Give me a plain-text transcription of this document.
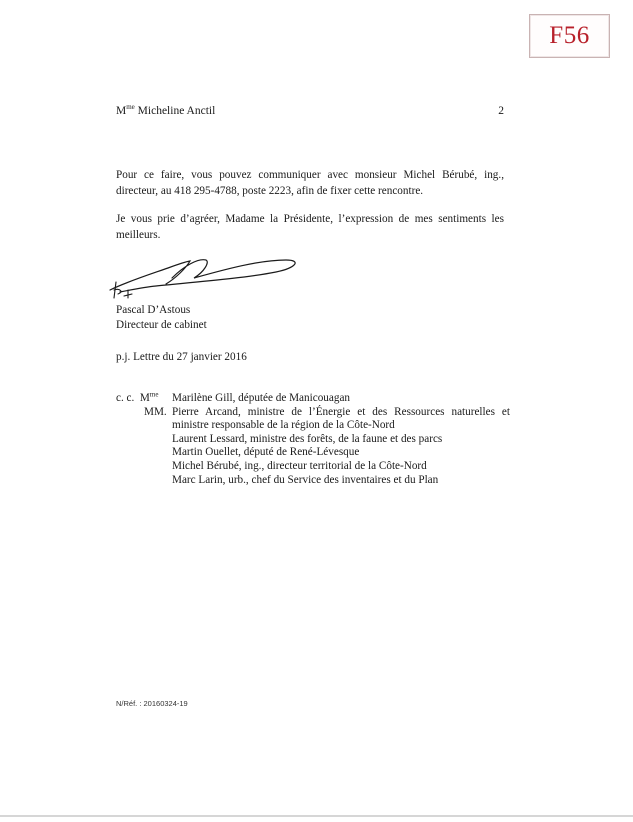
F56
$M^{me}$ Micheline Anctil	2
Pour ce faire, vous pouvez communiquer avec monsieur Michel Bérubé, ing., directeur, au 418 295-4788, poste 2223, afin de fixer cette rencontre.
Je vous prie d’agréer, Madame la Présidente, l’expression de mes sentiments les meilleurs.
Pascal D’Astous
Directeur de cabinet
p.j. Lettre du 27 janvier 2016
c. c. $M^{me}$	Marilène Gill, députée de Manicouagan
MM. Pierre Arcand, ministre de l’Énergie et des Ressources naturelles et ministre responsable de la région de la Côte-Nord
Laurent Lessard, ministre des forêts, de la faune et des parcs
Martin Ouellet, député de René-Lévesque
Michel Bérubé, ing., directeur territorial de la Côte-Nord
Marc Larin, urb., chef du Service des inventaires et du Plan
N/Réf. : 20160324-19
